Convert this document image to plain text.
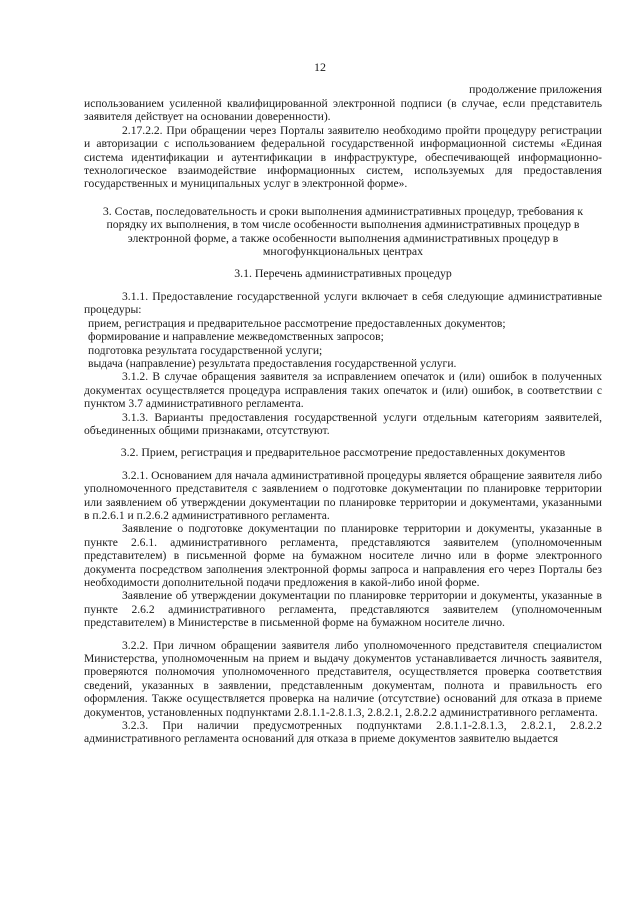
12
продолжение приложения

использованием усиленной квалифицированной электронной подписи (в случае, если представитель заявителя действует на основании доверенности).

2.17.2.2. При обращении через Порталы заявителю необходимо пройти процедуру регистрации и авторизации с использованием федеральной государственной информационной системы «Единая система идентификации и аутентификации в инфраструктуре, обеспечивающей информационно-технологическое взаимодействие информационных систем, используемых для предоставления государственных и муниципальных услуг в электронной форме».

3. Состав, последовательность и сроки выполнения административных процедур, требования к порядку их выполнения, в том числе особенности выполнения административных процедур в электронной форме, а также особенности выполнения административных процедур в многофункциональных центрах

3.1. Перечень административных процедур

3.1.1. Предоставление государственной услуги включает в себя следующие административные процедуры:

прием, регистрация и предварительное рассмотрение предоставленных документов;

формирование и направление межведомственных запросов;

подготовка результата государственной услуги;

выдача (направление) результата предоставления государственной услуги.

3.1.2. В случае обращения заявителя за исправлением опечаток и (или) ошибок в полученных документах осуществляется процедура исправления таких опечаток и (или) ошибок, в соответствии с пунктом 3.7 административного регламента.

3.1.3. Варианты предоставления государственной услуги отдельным категориям заявителей, объединенных общими признаками, отсутствуют.

3.2. Прием, регистрация и предварительное рассмотрение предоставленных документов

3.2.1. Основанием для начала административной процедуры является обращение заявителя либо уполномоченного представителя с заявлением о подготовке документации по планировке территории или заявлением об утверждении документации по планировке территории и документами, указанными в п.2.6.1 и п.2.6.2 административного регламента.

Заявление о подготовке документации по планировке территории и документы, указанные в пункте 2.6.1. административного регламента, представляются заявителем (уполномоченным представителем) в письменной форме на бумажном носителе лично или в форме электронного документа посредством заполнения электронной формы запроса и направления его через Порталы без необходимости дополнительной подачи предложения в какой-либо иной форме.

Заявление об утверждении документации по планировке территории и документы, указанные в пункте 2.6.2 административного регламента, представляются заявителем (уполномоченным представителем) в Министерстве в письменной форме на бумажном носителе лично.

3.2.2. При личном обращении заявителя либо уполномоченного представителя специалистом Министерства, уполномоченным на прием и выдачу документов устанавливается личность заявителя, проверяются полномочия уполномоченного представителя, осуществляется проверка соответствия сведений, указанных в заявлении, представленным документам, полнота и правильность его оформления. Также осуществляется проверка на наличие (отсутствие) оснований для отказа в приеме документов, установленных подпунктами 2.8.1.1-2.8.1.3, 2.8.2.1, 2.8.2.2 административного регламента.

3.2.3. При наличии предусмотренных подпунктами 2.8.1.1-2.8.1.3, 2.8.2.1, 2.8.2.2 административного регламента оснований для отказа в приеме документов заявителю выдается
